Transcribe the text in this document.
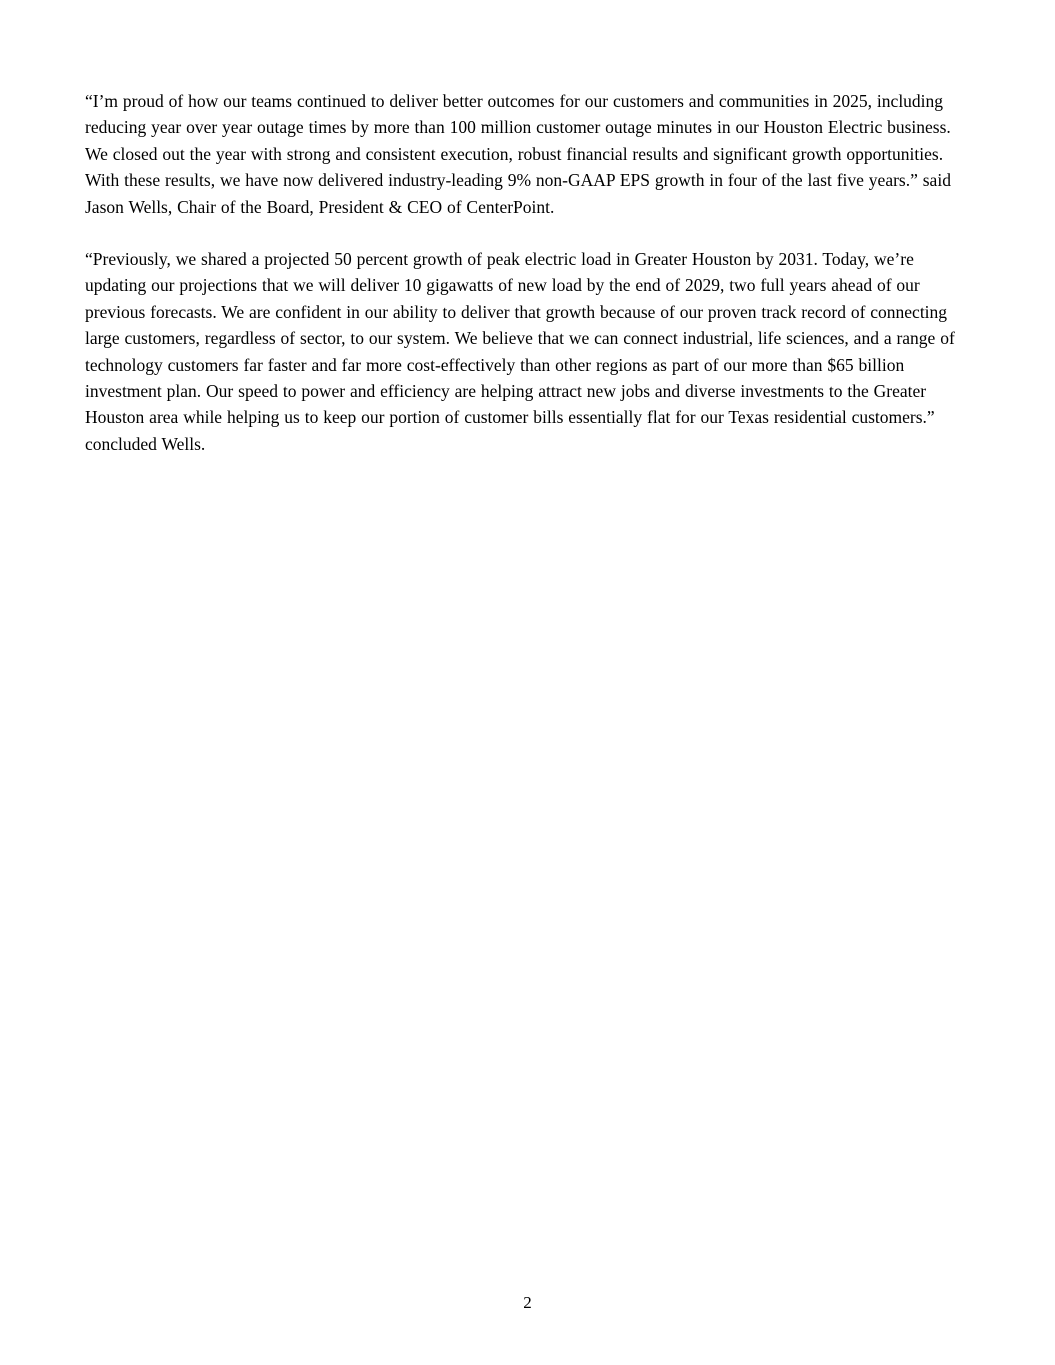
“I’m proud of how our teams continued to deliver better outcomes for our customers and communities in 2025, including reducing year over year outage times by more than 100 million customer outage minutes in our Houston Electric business. We closed out the year with strong and consistent execution, robust financial results and significant growth opportunities. With these results, we have now delivered industry-leading 9% non-GAAP EPS growth in four of the last five years.” said Jason Wells, Chair of the Board, President & CEO of CenterPoint.

“Previously, we shared a projected 50 percent growth of peak electric load in Greater Houston by 2031. Today, we’re updating our projections that we will deliver 10 gigawatts of new load by the end of 2029, two full years ahead of our previous forecasts. We are confident in our ability to deliver that growth because of our proven track record of connecting large customers, regardless of sector, to our system. We believe that we can connect industrial, life sciences, and a range of technology customers far faster and far more cost-effectively than other regions as part of our more than $65 billion investment plan. Our speed to power and efficiency are helping attract new jobs and diverse investments to the Greater Houston area while helping us to keep our portion of customer bills essentially flat for our Texas residential customers.” concluded Wells.

2
